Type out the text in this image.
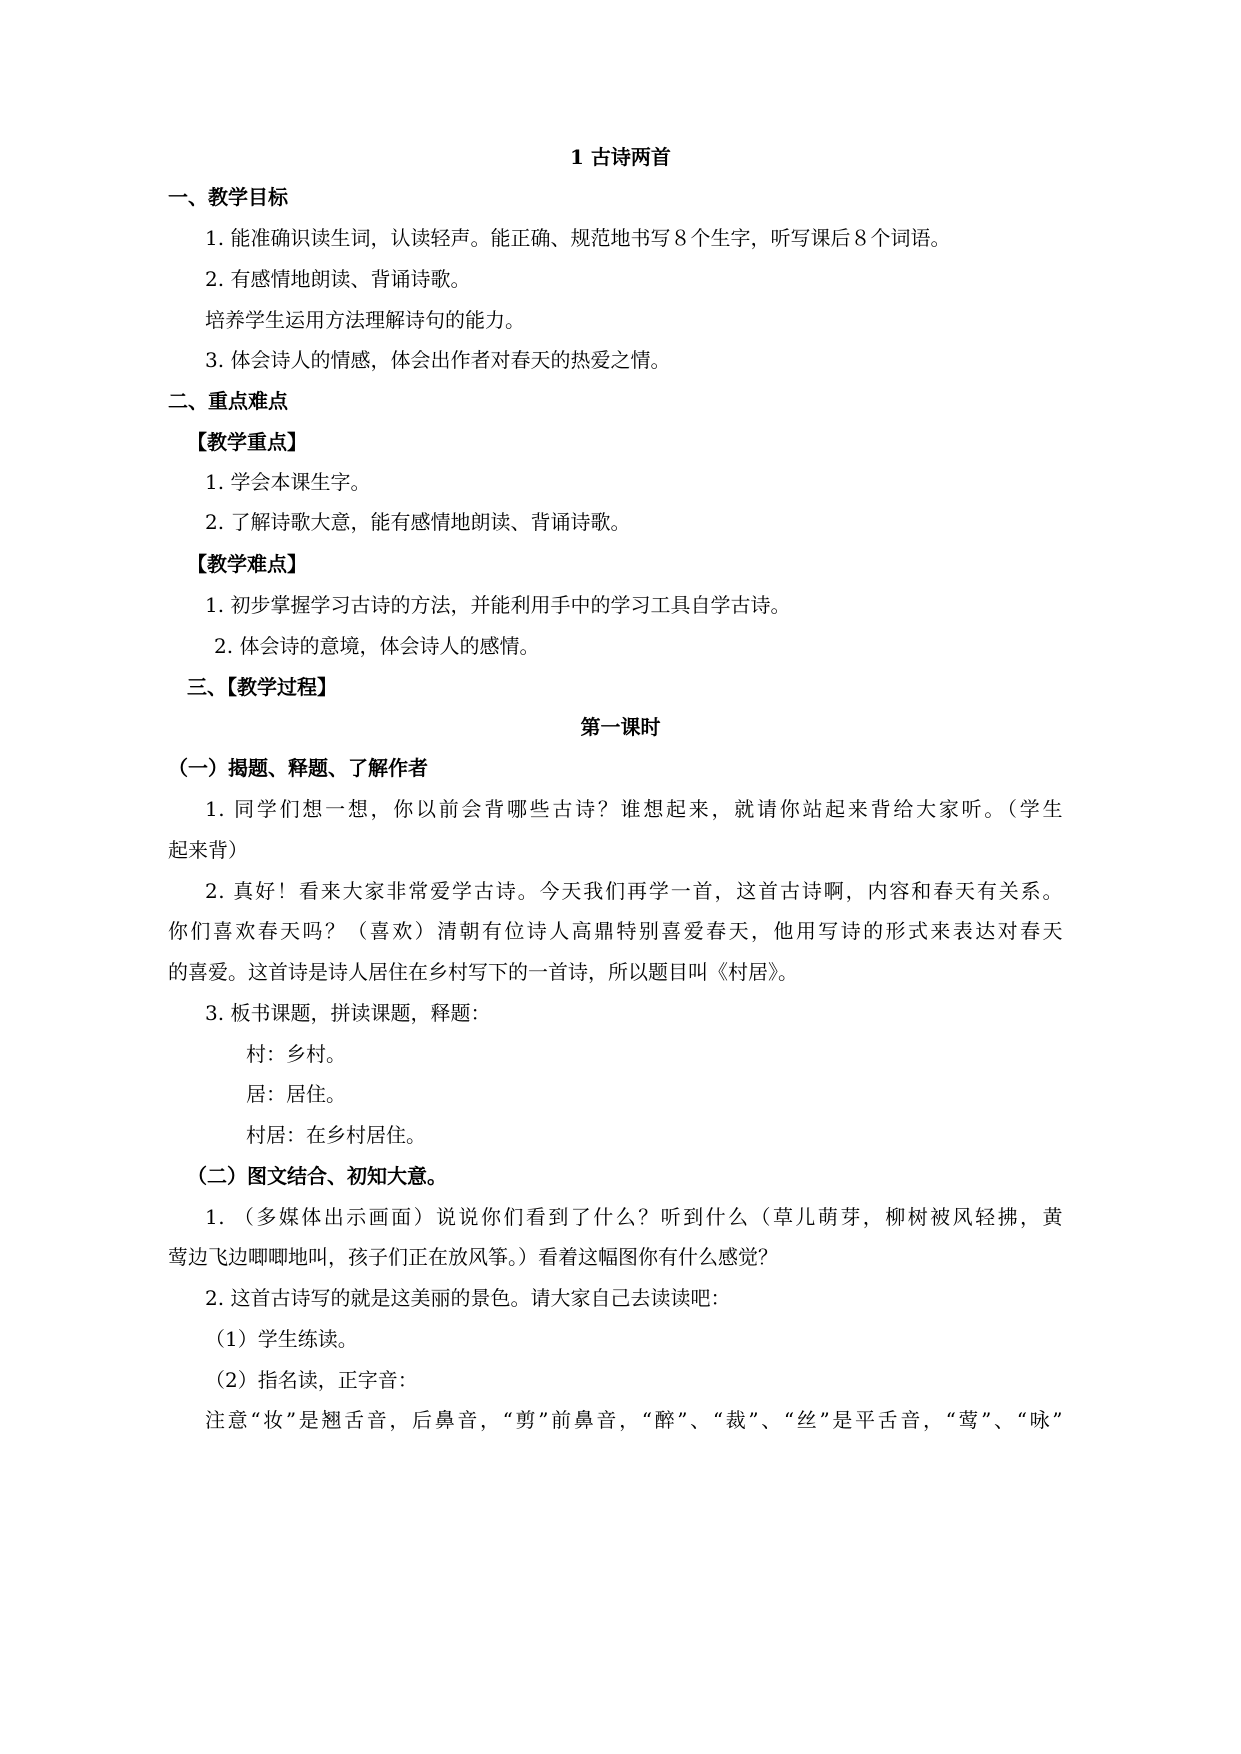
1 古诗两首
一、教学目标
1. 能准确识读生词，认读轻声。能正确、规范地书写８个生字，听写课后８个词语。
2. 有感情地朗读、背诵诗歌。
培养学生运用方法理解诗句的能力。
3. 体会诗人的情感，体会出作者对春天的热爱之情。
二、重点难点
【教学重点】
1. 学会本课生字。
2. 了解诗歌大意，能有感情地朗读、背诵诗歌。
【教学难点】
1. 初步掌握学习古诗的方法，并能利用手中的学习工具自学古诗。
2. 体会诗的意境，体会诗人的感情。
三、【教学过程】
第一课时
（一）揭题、释题、了解作者
1. 同学们想一想，你以前会背哪些古诗？谁想起来，就请你站起来背给大家听。（学生
起来背）
2. 真好！看来大家非常爱学古诗。今天我们再学一首，这首古诗啊，内容和春天有关系。
你们喜欢春天吗？（喜欢）清朝有位诗人高鼎特别喜爱春天，他用写诗的形式来表达对春天
的喜爱。这首诗是诗人居住在乡村写下的一首诗，所以题目叫《村居》。
3. 板书课题，拼读课题，释题：
村：乡村。
居：居住。
村居：在乡村居住。
（二）图文结合、初知大意。
1. （多媒体出示画面）说说你们看到了什么？听到什么（草儿萌芽，柳树被风轻拂，黄
莺边飞边唧唧地叫，孩子们正在放风筝。）看着这幅图你有什么感觉？
2. 这首古诗写的就是这美丽的景色。请大家自己去读读吧：
（1）学生练读。
（2）指名读，正字音：
注意“妆”是翘舌音，后鼻音，“剪”前鼻音，“醉”、“裁”、“丝”是平舌音，“莺”、“咏”
